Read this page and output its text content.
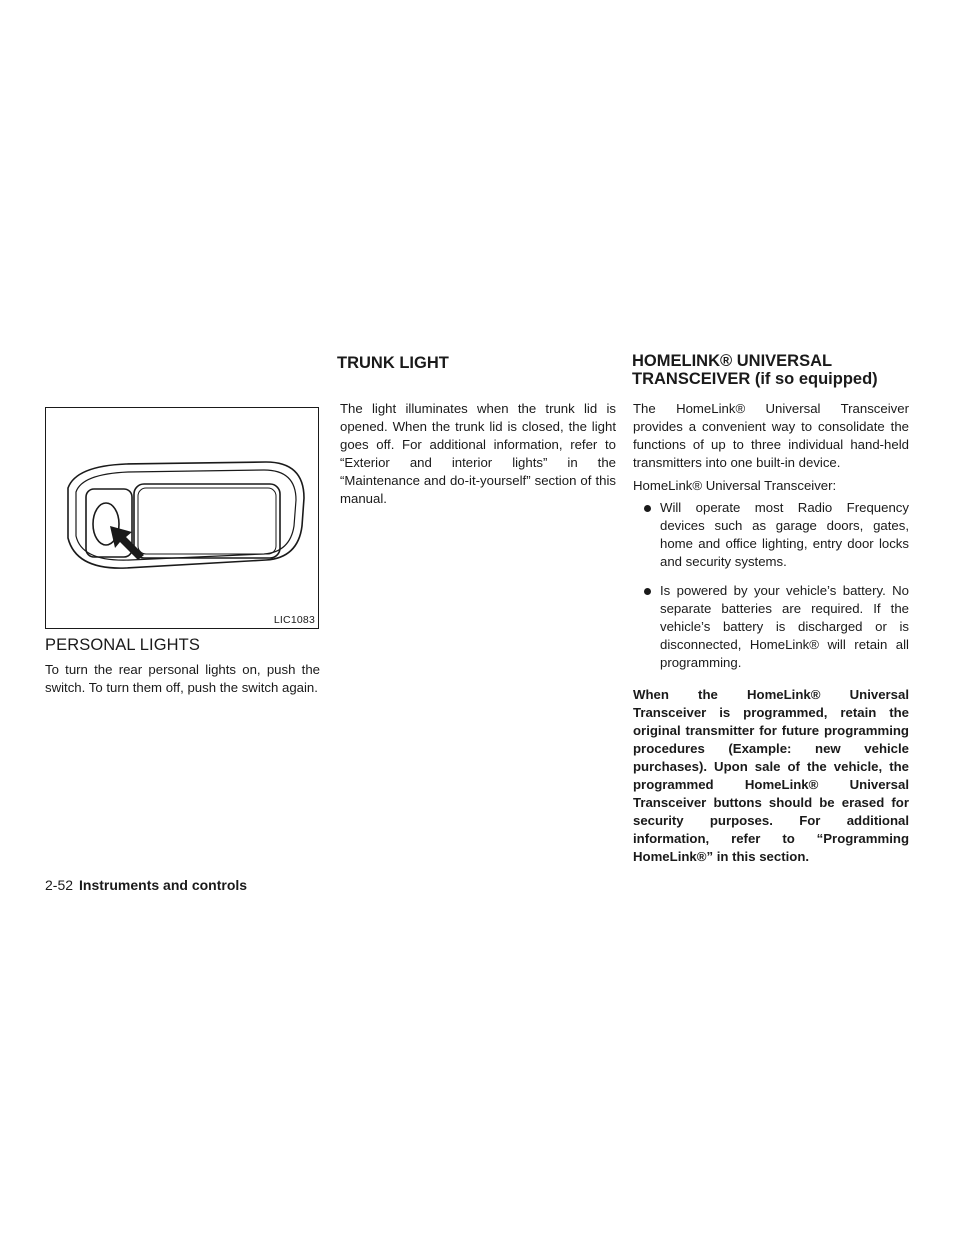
LIC1083
PERSONAL LIGHTS

To turn the rear personal lights on, push the switch. To turn them off, push the switch again.

TRUNK LIGHT

The light illuminates when the trunk lid is opened. When the trunk lid is closed, the light goes off. For additional information, refer to “Exterior and interior lights” in the “Maintenance and do-it-yourself” section of this manual.

HOMELINK® UNIVERSAL
TRANSCEIVER (if so equipped)

The HomeLink® Universal Transceiver provides a convenient way to consolidate the functions of up to three individual hand-held transmitters into one built-in device.

HomeLink® Universal Transceiver:

Will operate most Radio Frequency devices such as garage doors, gates, home and office lighting, entry door locks and security systems.
Is powered by your vehicle’s battery. No separate batteries are required. If the vehicle’s battery is discharged or is disconnected, HomeLink® will retain all programming.

When the HomeLink® Universal Transceiver is programmed, retain the original transmitter for future programming procedures (Example: new vehicle purchases). Upon sale of the vehicle, the programmed HomeLink® Universal Transceiver buttons should be erased for security purposes. For additional information, refer to “Programming HomeLink®” in this section.

2-52 Instruments and controls
